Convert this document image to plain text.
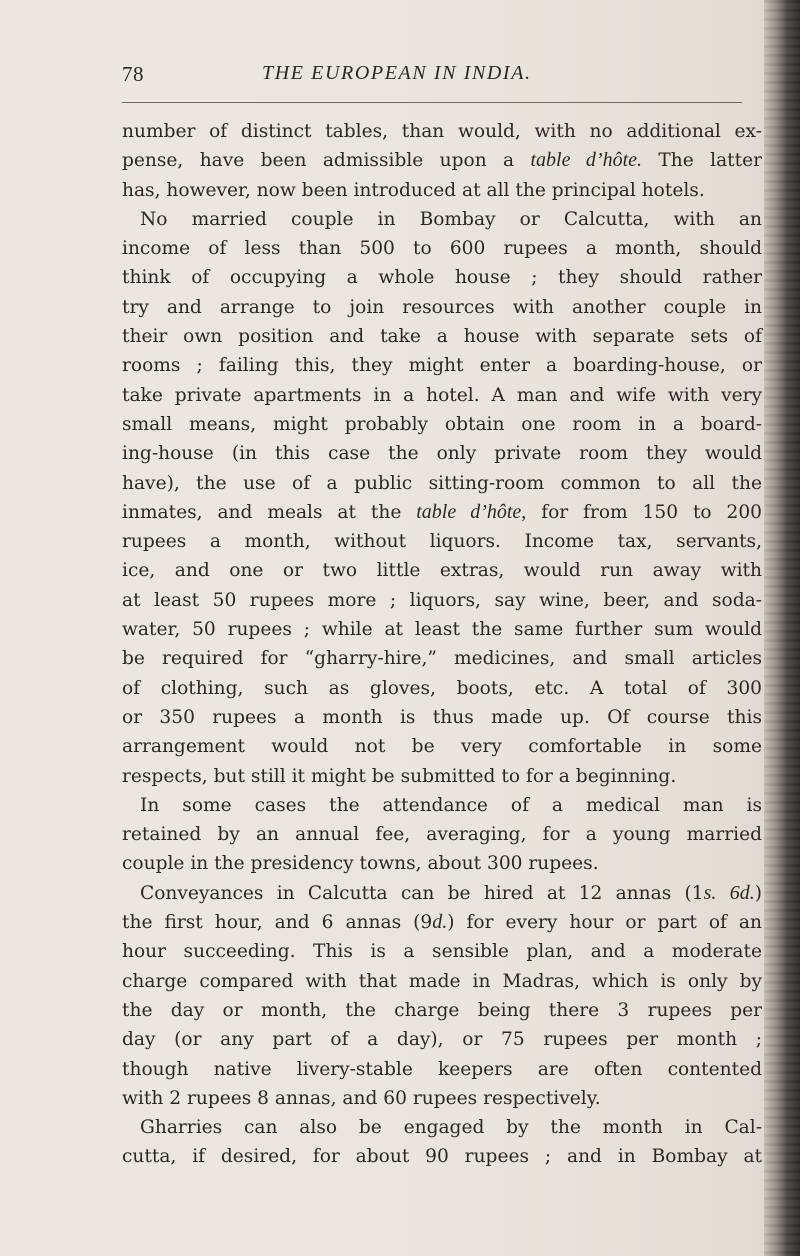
78	THE EUROPEAN IN INDIA.
number of distinct tables, than would, with no additional ex-
pense, have been admissible upon a table d’hôte. The latter
has, however, now been introduced at all the principal hotels.
No married couple in Bombay or Calcutta, with an
income of less than 500 to 600 rupees a month, should
think of occupying a whole house ; they should rather
try and arrange to join resources with another couple in
their own position and take a house with separate sets of
rooms ; failing this, they might enter a boarding-house, or
take private apartments in a hotel. A man and wife with very
small means, might probably obtain one room in a board-
ing-house (in this case the only private room they would
have), the use of a public sitting-room common to all the
inmates, and meals at the table d’hôte, for from 150 to 200
rupees a month, without liquors. Income tax, servants,
ice, and one or two little extras, would run away with
at least 50 rupees more ; liquors, say wine, beer, and soda-
water, 50 rupees ; while at least the same further sum would
be required for “gharry-hire,” medicines, and small articles
of clothing, such as gloves, boots, etc. A total of 300
or 350 rupees a month is thus made up. Of course this
arrangement would not be very comfortable in some
respects, but still it might be submitted to for a beginning.
In some cases the attendance of a medical man is
retained by an annual fee, averaging, for a young married
couple in the presidency towns, about 300 rupees.
Conveyances in Calcutta can be hired at 12 annas (1s. 6d.)
the first hour, and 6 annas (9d.) for every hour or part of an
hour succeeding. This is a sensible plan, and a moderate
charge compared with that made in Madras, which is only by
the day or month, the charge being there 3 rupees per
day (or any part of a day), or 75 rupees per month ;
though native livery-stable keepers are often contented
with 2 rupees 8 annas, and 60 rupees respectively.
Gharries can also be engaged by the month in Cal-
cutta, if desired, for about 90 rupees ; and in Bombay at
